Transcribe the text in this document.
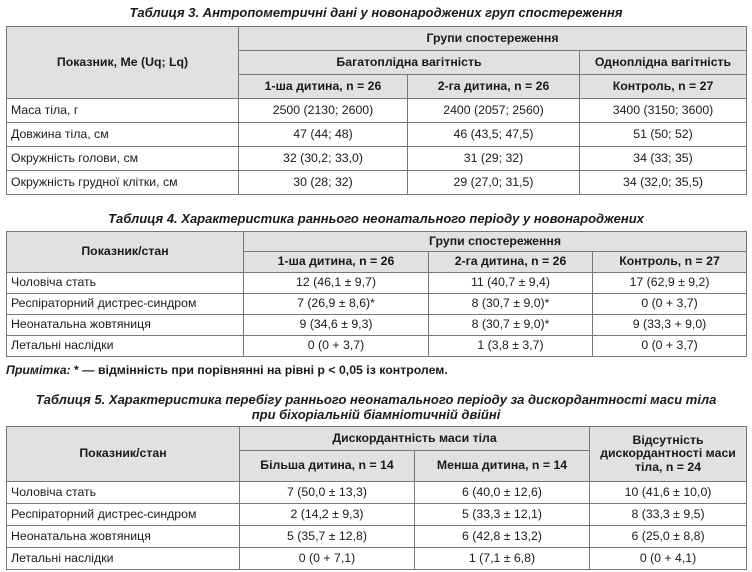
Таблиця 3. Антропометричні дані у новонароджених груп спостереження
Показник, Me (Uq; Lq)	Групи спостереження		
	Багатоплідна вагітність		Одноплідна вагітність
	1-ша дитина, n = 26	2-га дитина, n = 26	Контроль, n = 27
Маса тіла, г	2500 (2130; 2600)	2400 (2057; 2560)	3400 (3150; 3600)
Довжина тіла, см	47 (44; 48)	46 (43,5; 47,5)	51 (50; 52)
Окружність голови, см	32 (30,2; 33,0)	31 (29; 32)	34 (33; 35)
Окружність грудної клітки, см	30 (28; 32)	29 (27,0; 31,5)	34 (32,0; 35,5)
Таблиця 4. Характеристика раннього неонатального періоду у новонароджених
Показник/стан	Групи спостереження		
	1-ша дитина, n = 26	2-га дитина, n = 26	Контроль, n = 27
Чоловіча стать	12 (46,1 ± 9,7)	11 (40,7 ± 9,4)	17 (62,9 ± 9,2)
Респіраторний дистрес-синдром	7 (26,9 ± 8,6)*	8 (30,7 ± 9,0)*	0 (0 + 3,7)
Неонатальна жовтяниця	9 (34,6 ± 9,3)	8 (30,7 ± 9,0)*	9 (33,3 + 9,0)
Летальні наслідки	0 (0 + 3,7)	1 (3,8 ± 3,7)	0 (0 + 3,7)
Примітка: * — відмінність при порівнянні на рівні р < 0,05 із контролем.
Таблиця 5. Характеристика перебігу раннього неонатального періоду за дискордантності маси тіла
при біхоріальній біамніотичній двійні
Показник/стан	Дискордантність маси тіла		Відсутність дискордантності маси тіла, n = 24
	Більша дитина, n = 14	Менша дитина, n = 14	
Чоловіча стать	7 (50,0 ± 13,3)	6 (40,0 ± 12,6)	10 (41,6 ± 10,0)
Респіраторний дистрес-синдром	2 (14,2 ± 9,3)	5 (33,3 ± 12,1)	8 (33,3 ± 9,5)
Неонатальна жовтяниця	5 (35,7 ± 12,8)	6 (42,8 ± 13,2)	6 (25,0 ± 8,8)
Летальні наслідки	0 (0 + 7,1)	1 (7,1 ± 6,8)	0 (0 + 4,1)
